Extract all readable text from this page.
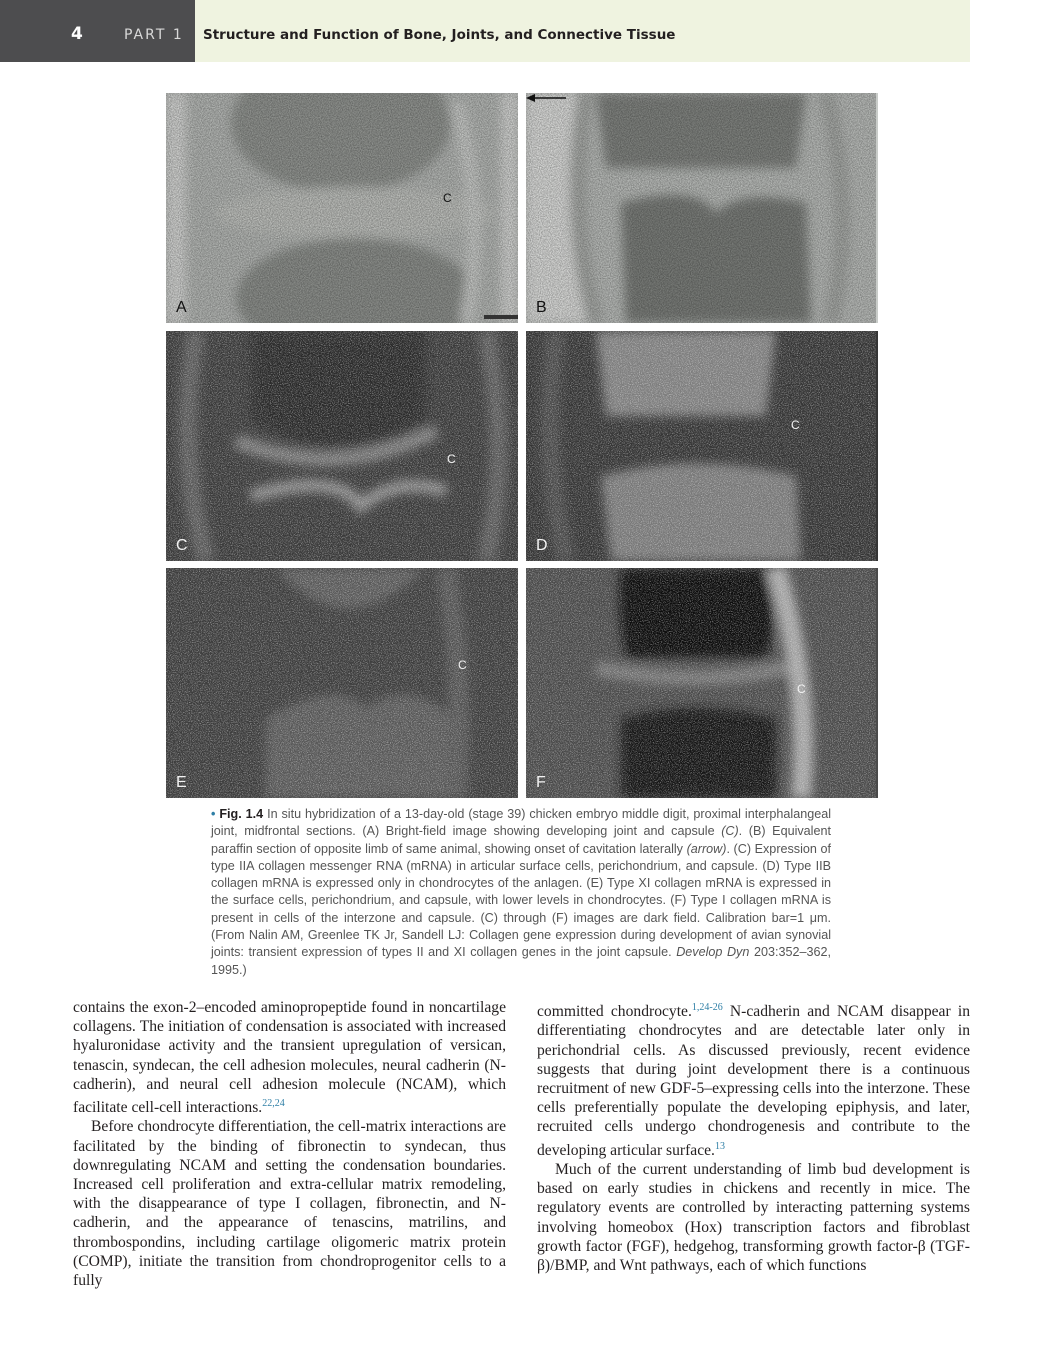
4	PART 1 Structure and Function of Bone, Joints, and Connective Tissue
C
A	B
C
C
C
D
C
E
C
F
• Fig. 1.4 In situ hybridization of a 13-day-old (stage 39) chicken embryo middle digit, proximal interphalangeal joint, midfrontal sections. (A) Bright-field image showing developing joint and capsule (C). (B) Equivalent paraffin section of opposite limb of same animal, showing onset of cavitation laterally (arrow). (C) Expression of type IIA collagen messenger RNA (mRNA) in articular surface cells, perichondrium, and capsule. (D) Type IIB collagen mRNA is expressed only in chondrocytes of the anlagen. (E) Type XI collagen mRNA is expressed in the surface cells, perichondrium, and capsule, with lower levels in chondrocytes. (F) Type I collagen mRNA is present in cells of the interzone and capsule. (C) through (F) images are dark field. Calibration bar=1 μm. (From Nalin AM, Greenlee TK Jr, Sandell LJ: Collagen gene expression during development of avian synovial joints: transient expression of types II and XI collagen genes in the joint capsule. Develop Dyn 203:352–362, 1995.)

contains the exon-2–encoded aminopropeptide found in noncartilage collagens. The initiation of condensation is associated with increased hyaluronidase activity and the transient upregulation of versican, tenascin, syndecan, the cell adhesion molecules, neural cadherin (N-cadherin), and neural cell adhesion molecule (NCAM), which facilitate cell-cell interactions.$^{22,24}$

Before chondrocyte differentiation, the cell-matrix interactions are facilitated by the binding of fibronectin to syndecan, thus downregulating NCAM and setting the condensation boundaries. Increased cell proliferation and extra-cellular matrix remodeling, with the disappearance of type I collagen, fibronectin, and N-cadherin, and the appearance of tenascins, matrilins, and thrombospondins, including cartilage oligomeric matrix protein (COMP), initiate the transition from chondroprogenitor cells to a fully

committed chondrocyte.$^{1,24-26}$ N-cadherin and NCAM disappear in differentiating chondrocytes and are detectable later only in perichondrial cells. As discussed previously, recent evidence suggests that during joint development there is a continuous recruitment of new GDF-5–expressing cells into the interzone. These cells preferentially populate the developing epiphysis, and later, recruited cells undergo chondrogenesis and contribute to the developing articular surface.$^{13}$

Much of the current understanding of limb bud development is based on early studies in chickens and recently in mice. The regulatory events are controlled by interacting patterning systems involving homeobox (Hox) transcription factors and fibroblast growth factor (FGF), hedgehog, transforming growth factor-β (TGF-β)/BMP, and Wnt pathways, each of which functions
